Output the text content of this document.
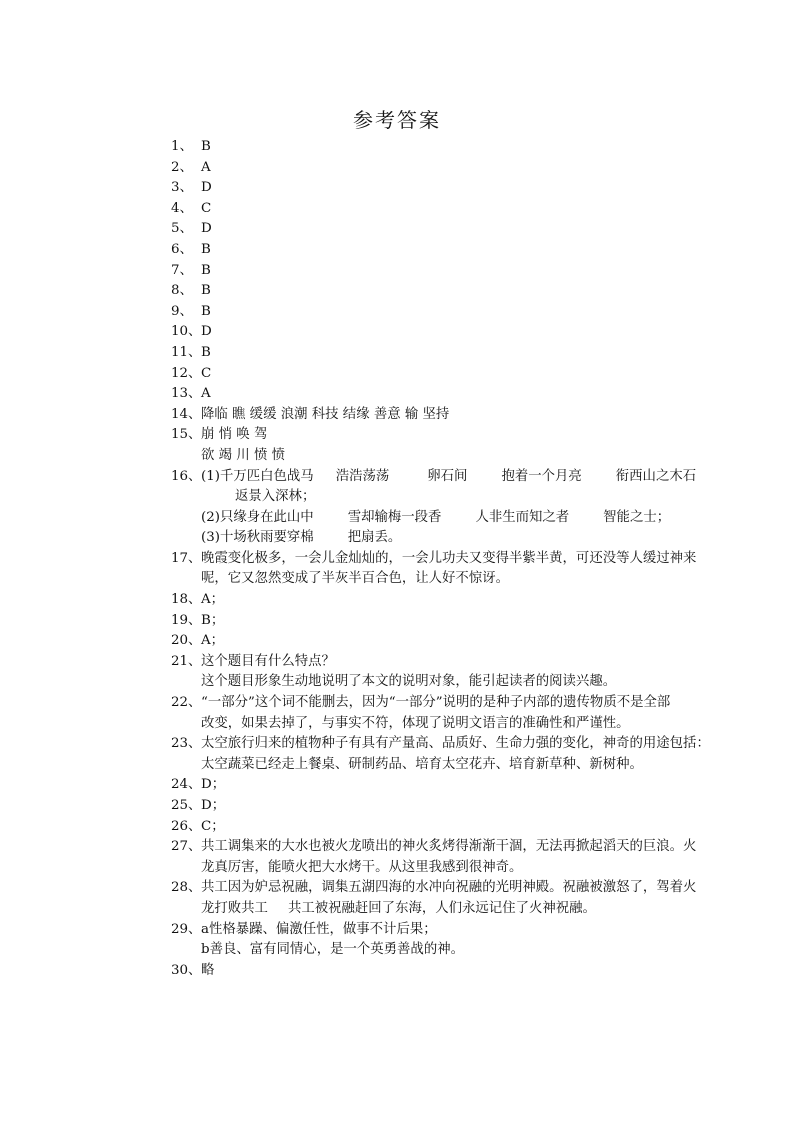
参考答案
1、 B
2、 A
3、 D
4、 C
5、 D
6、 B
7、 B
8、 B
9、 B
10、D
11、B
12、C
13、A
14、降临 瞧 缓缓 浪潮 科技 结缘 善意 输 坚持
15、崩 悄 唤 驾
欲 竭 川 愤 愤
16、(1)千万匹白色战马 浩浩荡荡	卵石间	抱着一个月亮	衔西山之木石
返景入深林；
(2)只缘身在此山中	雪却输梅一段香	人非生而知之者	智能之士；
(3)十场秋雨要穿棉	把扇丢。
17、晚霞变化极多，一会儿金灿灿的，一会儿功夫又变得半紫半黄，可还没等人缓过神来
呢，它又忽然变成了半灰半百合色，让人好不惊讶。
18、A；
19、B；
20、A；
21、这个题目有什么特点？
这个题目形象生动地说明了本文的说明对象，能引起读者的阅读兴趣。
22、“一部分”这个词不能删去，因为“一部分”说明的是种子内部的遗传物质不是全部
改变，如果去掉了，与事实不符，体现了说明文语言的准确性和严谨性。
23、太空旅行归来的植物种子有具有产量高、品质好、生命力强的变化，神奇的用途包括：
太空蔬菜已经走上餐桌、研制药品、培育太空花卉、培育新草种、新树种。
24、D；
25、D；
26、C；
27、共工调集来的大水也被火龙喷出的神火炙烤得渐渐干涸，无法再掀起滔天的巨浪。火
龙真厉害，能喷火把大水烤干。从这里我感到很神奇。
28、共工因为妒忌祝融，调集五湖四海的水冲向祝融的光明神殿。祝融被激怒了，驾着火
龙打败共工 共工被祝融赶回了东海，人们永远记住了火神祝融。
29、a性格暴躁、偏激任性，做事不计后果；
b善良、富有同情心，是一个英勇善战的神。
30、略
